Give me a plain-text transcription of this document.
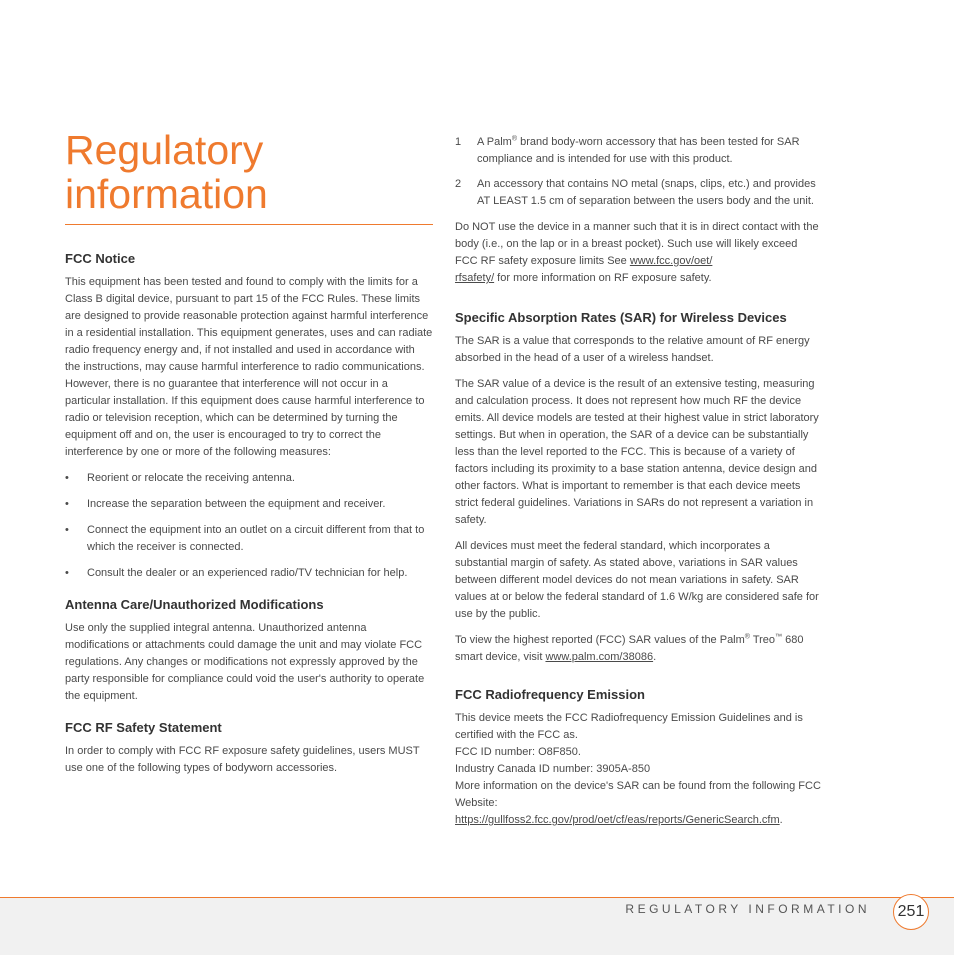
Regulatory
information
FCC Notice

This equipment has been tested and found to comply with the limits for a Class B digital device, pursuant to part 15 of the FCC Rules. These limits are designed to provide reasonable protection against harmful interference in a residential installation. This equipment generates, uses and can radiate radio frequency energy and, if not installed and used in accordance with the instructions, may cause harmful interference to radio communications. However, there is no guarantee that interference will not occur in a particular installation. If this equipment does cause harmful interference to radio or television reception, which can be determined by turning the equipment off and on, the user is encouraged to try to correct the interference by one or more of the following measures:

• Reorient or relocate the receiving antenna.
• Increase the separation between the equipment and receiver.
• Connect the equipment into an outlet on a circuit different from that to which the receiver is connected.
• Consult the dealer or an experienced radio/TV technician for help.
Antenna Care/Unauthorized Modifications

Use only the supplied integral antenna. Unauthorized antenna modifications or attachments could damage the unit and may violate FCC regulations. Any changes or modifications not expressly approved by the party responsible for compliance could void the user's authority to operate the equipment.

FCC RF Safety Statement

In order to comply with FCC RF exposure safety guidelines, users MUST use one of the following types of bodyworn accessories.

1 A Palm® brand body-worn accessory that has been tested for SAR compliance and is intended for use with this product.
2 An accessory that contains NO metal (snaps, clips, etc.) and provides AT LEAST 1.5 cm of separation between the users body and the unit.

Do NOT use the device in a manner such that it is in direct contact with the body (i.e., on the lap or in a breast pocket). Such use will likely exceed FCC RF safety exposure limits See www.fcc.gov/oet/
rfsafety/ for more information on RF exposure safety.

Specific Absorption Rates (SAR) for Wireless Devices

The SAR is a value that corresponds to the relative amount of RF energy absorbed in the head of a user of a wireless handset.

The SAR value of a device is the result of an extensive testing, measuring and calculation process. It does not represent how much RF the device emits. All device models are tested at their highest value in strict laboratory settings. But when in operation, the SAR of a device can be substantially less than the level reported to the FCC. This is because of a variety of factors including its proximity to a base station antenna, device design and other factors. What is important to remember is that each device meets strict federal guidelines. Variations in SARs do not represent a variation in safety.

All devices must meet the federal standard, which incorporates a substantial margin of safety. As stated above, variations in SAR values between different model devices do not mean variations in safety. SAR values at or below the federal standard of 1.6 W/kg are considered safe for use by the public.

To view the highest reported (FCC) SAR values of the Palm® Treo™ 680 smart device, visit www.palm.com/38086.

FCC Radiofrequency Emission
This device meets the FCC Radiofrequency Emission Guidelines and is certified with the FCC as.
FCC ID number: O8F850.
Industry Canada ID number: 3905A-850
More information on the device's SAR can be found from the following FCC Website:
https://gullfoss2.fcc.gov/prod/oet/cf/eas/reports/GenericSearch.cfm.
REGULATORY INFORMATION 251
